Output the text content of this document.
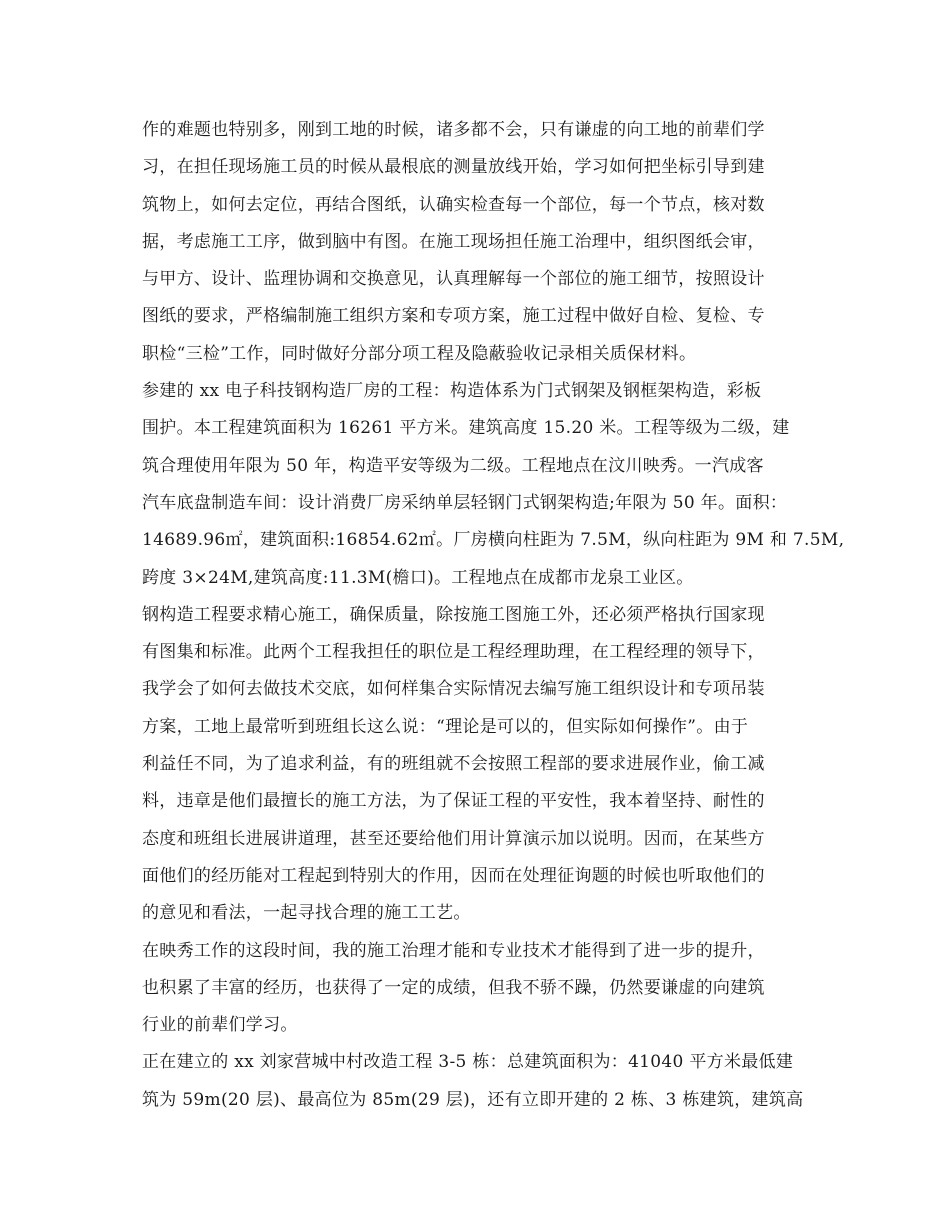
作的难题也特别多，刚到工地的时候，诸多都不会，只有谦虚的向工地的前辈们学
习，在担任现场施工员的时候从最根底的测量放线开始，学习如何把坐标引导到建
筑物上，如何去定位，再结合图纸，认确实检查每一个部位，每一个节点，核对数
据，考虑施工工序，做到脑中有图。在施工现场担任施工治理中，组织图纸会审，
与甲方、设计、监理协调和交换意见，认真理解每一个部位的施工细节，按照设计
图纸的要求，严格编制施工组织方案和专项方案，施工过程中做好自检、复检、专
职检“三检”工作，同时做好分部分项工程及隐蔽验收记录相关质保材料。
参建的 xx 电子科技钢构造厂房的工程：构造体系为门式钢架及钢框架构造，彩板
围护。本工程建筑面积为 16261 平方米。建筑高度 15.20 米。工程等级为二级，建
筑合理使用年限为 50 年，构造平安等级为二级。工程地点在汶川映秀。一汽成客
汽车底盘制造车间：设计消费厂房采纳单层轻钢门式钢架构造;年限为 50 年。面积：
14689.96㎡，建筑面积:16854.62㎡。厂房横向柱距为 7.5M，纵向柱距为 9M 和 7.5M,
跨度 3×24M,建筑高度:11.3M(檐口)。工程地点在成都市龙泉工业区。
钢构造工程要求精心施工，确保质量，除按施工图施工外，还必须严格执行国家现
有图集和标准。此两个工程我担任的职位是工程经理助理，在工程经理的领导下，
我学会了如何去做技术交底，如何样集合实际情况去编写施工组织设计和专项吊装
方案，工地上最常听到班组长这么说：“理论是可以的，但实际如何操作”。由于
利益任不同，为了追求利益，有的班组就不会按照工程部的要求进展作业，偷工减
料，违章是他们最擅长的施工方法，为了保证工程的平安性，我本着坚持、耐性的
态度和班组长进展讲道理，甚至还要给他们用计算演示加以说明。因而，在某些方
面他们的经历能对工程起到特别大的作用，因而在处理征询题的时候也听取他们的
的意见和看法，一起寻找合理的施工工艺。
在映秀工作的这段时间，我的施工治理才能和专业技术才能得到了进一步的提升，
也积累了丰富的经历，也获得了一定的成绩，但我不骄不躁，仍然要谦虚的向建筑
行业的前辈们学习。
正在建立的 xx 刘家营城中村改造工程 3-5 栋：总建筑面积为：41040 平方米最低建
筑为 59m(20 层)、最高位为 85m(29 层)，还有立即开建的 2 栋、3 栋建筑，建筑高
